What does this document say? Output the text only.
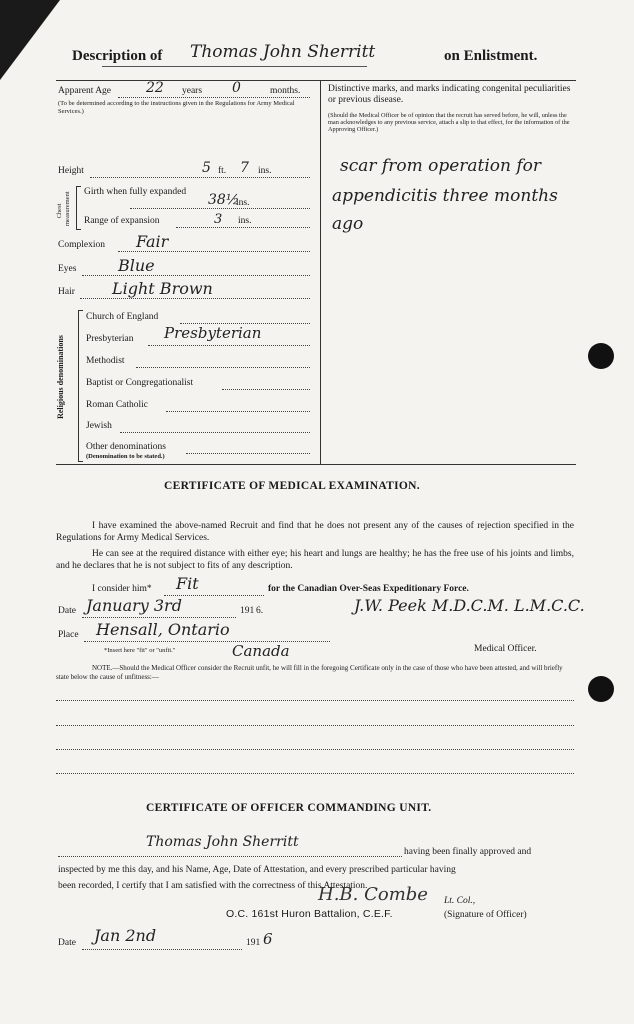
Description of Thomas John Sherritt	on Enlistment.
Apparent Age 22 years 0	months.
(To be determined according to the instructions given in the Regulations for Army Medical Services.)
Height	5 ft. 7 ins.
Chest measurement Girth when fully expanded	38½
ins.
Range of expansion	3 ins.
Complexion Fair
Eyes	Blue
Hair Light Brown
Religious denominations
Church of England
Presbyterian Presbyterian
Methodist
Baptist or Congregationalist
Roman Catholic
Jewish
Other denominations
(Denomination to be stated.)
Distinctive marks, and marks indicating congenital peculiarities or previous disease.
(Should the Medical Officer be of opinion that the recruit has served before, he will, unless the man acknowledges to any previous service, attach a slip to that effect, for the information of the Approving Officer.)
scar from operation for
appendicitis three months
ago
CERTIFICATE OF MEDICAL EXAMINATION.
I have examined the above-named Recruit and find that he does not present any of the causes of rejection specified in the Regulations for Army Medical Services.
He can see at the required distance with either eye; his heart and lungs are healthy; he has the free use of his joints and limbs, and he declares that he is not subject to fits of any description.
I consider him* Fit	for the Canadian Over-Seas Expeditionary Force.
Date January 3rd	191 6.	J.W. Peek M.D.C.M. L.M.C.C.
Place Hensall, Ontario
Canada
*Insert here "fit" or "unfit."	Medical Officer.
NOTE.—Should the Medical Officer consider the Recruit unfit, he will fill in the foregoing Certificate only in the case of those who have been attested, and will briefly state below the cause of unfitness:—
CERTIFICATE OF OFFICER COMMANDING UNIT.
Thomas John Sherritt
having been finally approved and
inspected by me this day, and his Name, Age, Date of Attestation, and every prescribed particular having
been recorded, I certify that I am satisfied with the correctness of this Attestation.
H.B. Combe Lt. Col.,
O.C. 161st Huron Battalion, C.E.F.	(Signature of Officer)
Date Jan 2nd	191 6
